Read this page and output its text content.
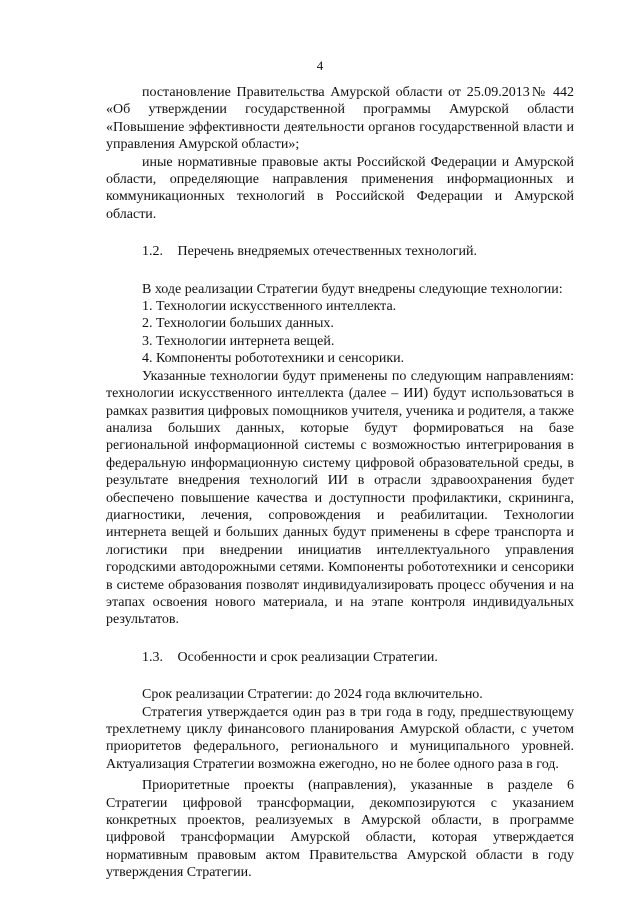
4

постановление Правительства Амурской области от 25.09.2013№ 442 «Об утверждении государственной программы Амурской области «Повышение эффективности деятельности органов государственной власти и управления Амурской области»;

иные нормативные правовые акты Российской Федерации и Амурской области, определяющие направления применения информационных и коммуникационных технологий в Российской Федерации и Амурской области.

1.2. Перечень внедряемых отечественных технологий.

В ходе реализации Стратегии будут внедрены следующие технологии:

1. Технологии искусственного интеллекта.

2. Технологии больших данных.

3. Технологии интернета вещей.

4. Компоненты робототехники и сенсорики.

Указанные технологии будут применены по следующим направлениям: технологии искусственного интеллекта (далее – ИИ) будут использоваться в рамках развития цифровых помощников учителя, ученика и родителя, а также анализа больших данных, которые будут формироваться на базе региональной информационной системы с возможностью интегрирования в федеральную информационную систему цифровой образовательной среды, в результате внедрения технологий ИИ в отрасли здравоохранения будет обеспечено повышение качества и доступности профилактики, скрининга, диагностики, лечения, сопровождения и реабилитации. Технологии интернета вещей и больших данных будут применены в сфере транспорта и логистики при внедрении инициатив интеллектуального управления городскими автодорожными сетями. Компоненты робототехники и сенсорики в системе образования позволят индивидуализировать процесс обучения и на этапах освоения нового материала, и на этапе контроля индивидуальных результатов.

1.3. Особенности и срок реализации Стратегии.

Срок реализации Стратегии: до 2024 года включительно.

Стратегия утверждается один раз в три года в году, предшествующему трехлетнему циклу финансового планирования Амурской области, с учетом приоритетов федерального, регионального и муниципального уровней. Актуализация Стратегии возможна ежегодно, но не более одного раза в год.

Приоритетные проекты (направления), указанные в разделе 6 Стратегии цифровой трансформации, декомпозируются с указанием конкретных проектов, реализуемых в Амурской области, в программе цифровой трансформации Амурской области, которая утверждается нормативным правовым актом Правительства Амурской области в году утверждения Стратегии.
